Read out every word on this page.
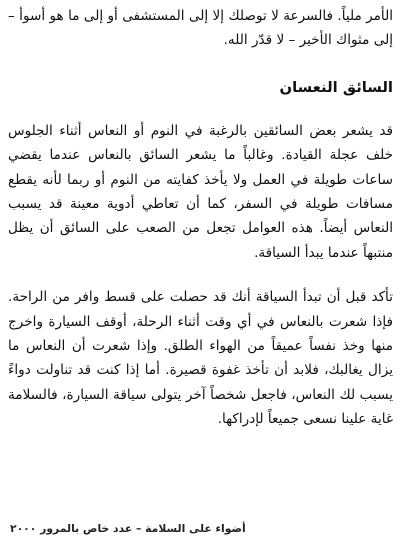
الأمر ملياً. فالسرعة لا توصلك إلا إلى المستشفى أو إلى ما هو أسوأ – إلى مثواك الأخير – لا قدّر الله.

السائق النعسان

قد يشعر بعض السائقين بالرغبة في النوم أو النعاس أثناء الجلوس خلف عجلة القيادة. وغالباً ما يشعر السائق بالنعاس عندما يقضي ساعات طويلة في العمل ولا يأخذ كفايته من النوم أو ربما لأنه يقطع مسافات طويلة في السفر، كما أن تعاطي أدوية معينة قد يسبب النعاس أيضاً. هذه العوامل تجعل من الصعب على السائق أن يظل منتبهاً عندما يبدأ السياقة.

تأكد قبل أن تبدأ السياقة أنك قد حصلت على قسط وافر من الراحة. فإذا شعرت بالنعاس في أي وقت أثناء الرحلة، أوقف السيارة واخرج منها وخذ نفساً عميقاً من الهواء الطلق. وإذا شعرت أن النعاس ما يزال يغالبك، فلابد أن تأخذ غفوة قصيرة. أما إذا كنت قد تناولت دواءً يسبب لك النعاس، فاجعل شخصاً آخر يتولى سياقة السيارة، فالسلامة غاية علينا نسعى جميعاً لإدراكها.

أضواء على السلامة – عدد خاص بالمرور ٢٠٠٠
